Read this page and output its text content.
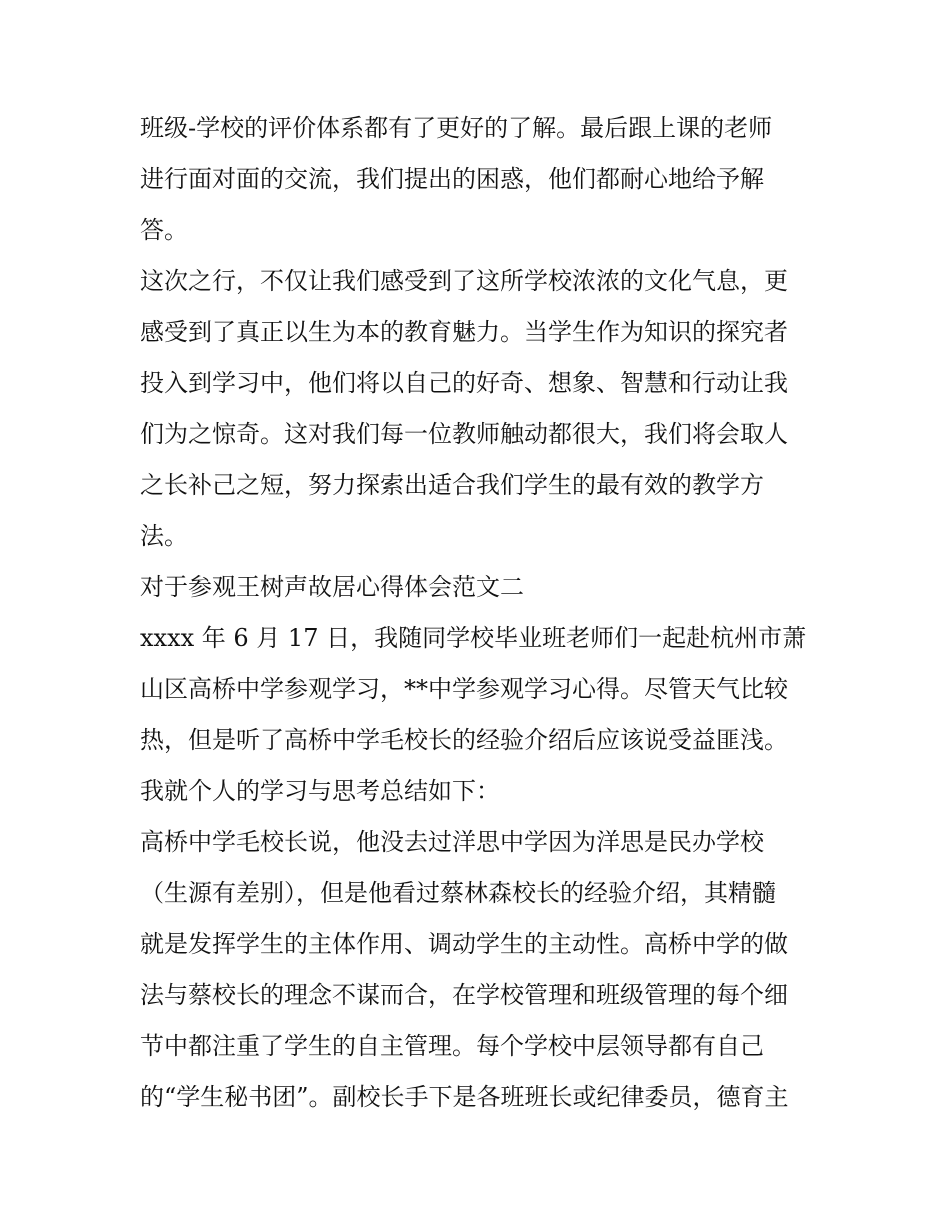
班级-学校的评价体系都有了更好的了解。最后跟上课的老师
进行面对面的交流，我们提出的困惑，他们都耐心地给予解
答。
这次之行，不仅让我们感受到了这所学校浓浓的文化气息，更
感受到了真正以生为本的教育魅力。当学生作为知识的探究者
投入到学习中，他们将以自己的好奇、想象、智慧和行动让我
们为之惊奇。这对我们每一位教师触动都很大，我们将会取人
之长补己之短，努力探索出适合我们学生的最有效的教学方
法。
对于参观王树声故居心得体会范文二
xxxx 年 6 月 17 日，我随同学校毕业班老师们一起赴杭州市萧
山区高桥中学参观学习，**中学参观学习心得。尽管天气比较
热，但是听了高桥中学毛校长的经验介绍后应该说受益匪浅。
我就个人的学习与思考总结如下：
高桥中学毛校长说，他没去过洋思中学因为洋思是民办学校
（生源有差别），但是他看过蔡林森校长的经验介绍，其精髓
就是发挥学生的主体作用、调动学生的主动性。高桥中学的做
法与蔡校长的理念不谋而合，在学校管理和班级管理的每个细
节中都注重了学生的自主管理。每个学校中层领导都有自己
的“学生秘书团”。副校长手下是各班班长或纪律委员，德育主
